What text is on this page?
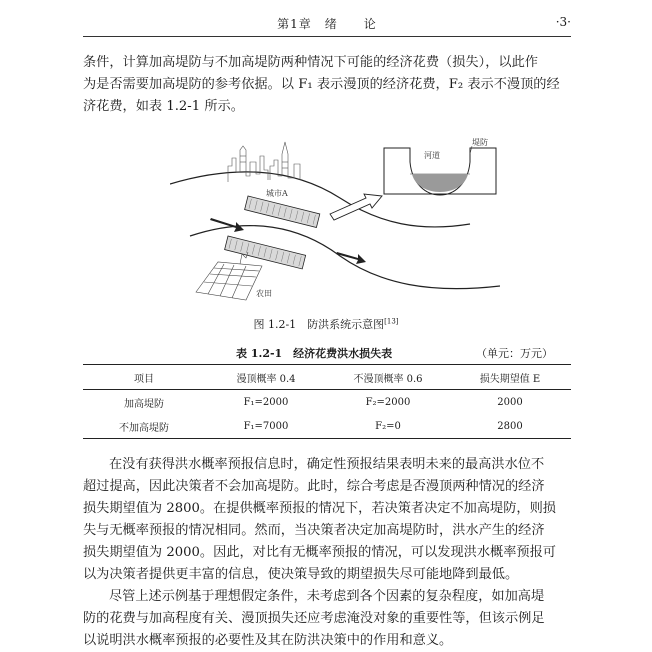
第1章　绪　　论	·3·
条件，计算加高堤防与不加高堤防两种情况下可能的经济花费（损失），以此作
为是否需要加高堤防的参考依据。以 F₁ 表示漫顶的经济花费，F₂ 表示不漫顶的经
济花费，如表 1.2-1 所示。
城市A
农田
河道
堤防
图 1.2-1　防洪系统示意图[13]
表 1.2-1　经济花费洪水损失表	（单元：万元）
项目	漫顶概率 0.4	不漫顶概率 0.6	损失期望值 E
加高堤防	F₁=2000	F₂=2000	2000
不加高堤防	F₁=7000	F₂=0	2800
在没有获得洪水概率预报信息时，确定性预报结果表明未来的最高洪水位不
超过提高，因此决策者不会加高堤防。此时，综合考虑是否漫顶两种情况的经济
损失期望值为 2800。在提供概率预报的情况下，若决策者决定不加高堤防，则损
失与无概率预报的情况相同。然而，当决策者决定加高堤防时，洪水产生的经济
损失期望值为 2000。因此，对比有无概率预报的情况，可以发现洪水概率预报可
以为决策者提供更丰富的信息，使决策导致的期望损失尽可能地降到最低。
尽管上述示例基于理想假定条件，未考虑到各个因素的复杂程度，如加高堤
防的花费与加高程度有关、漫顶损失还应考虑淹没对象的重要性等，但该示例足
以说明洪水概率预报的必要性及其在防洪决策中的作用和意义。
